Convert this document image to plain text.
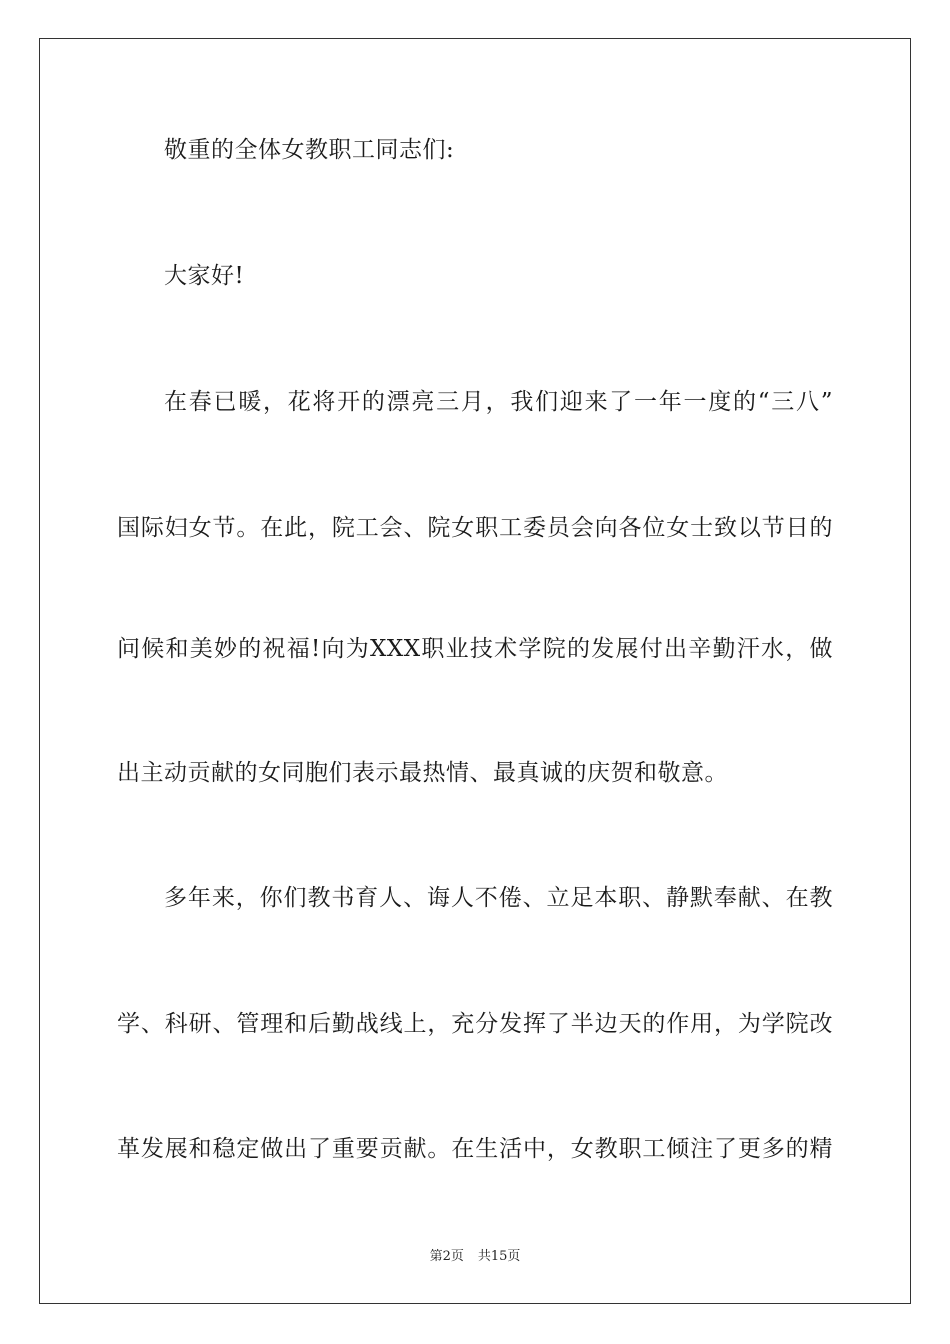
敬重的全体女教职工同志们:
大家好!
在春已暖，花将开的漂亮三月，我们迎来了一年一度的“三八”
国际妇女节。在此，院工会、院女职工委员会向各位女士致以节日的
问候和美妙的祝福!向为XXX职业技术学院的发展付出辛勤汗水，做
出主动贡献的女同胞们表示最热情、最真诚的庆贺和敬意。
多年来，你们教书育人、诲人不倦、立足本职、静默奉献、在教
学、科研、管理和后勤战线上，充分发挥了半边天的作用，为学院改
革发展和稳定做出了重要贡献。在生活中，女教职工倾注了更多的精
第2页 共15页
